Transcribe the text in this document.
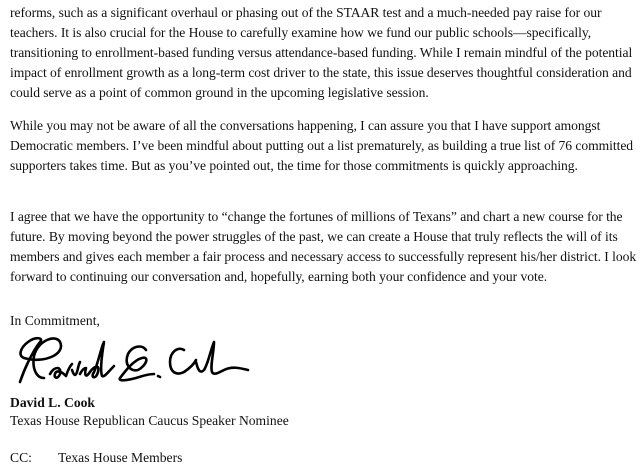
reforms, such as a significant overhaul or phasing out of the STAAR test and a much-needed pay raise for our teachers. It is also crucial for the House to carefully examine how we fund our public schools—specifically, transitioning to enrollment-based funding versus attendance-based funding. While I remain mindful of the potential impact of enrollment growth as a long-term cost driver to the state, this issue deserves thoughtful consideration and could serve as a point of common ground in the upcoming legislative session.

While you may not be aware of all the conversations happening, I can assure you that I have support amongst Democratic members. I’ve been mindful about putting out a list prematurely, as building a true list of 76 committed supporters takes time. But as you’ve pointed out, the time for those commitments is quickly approaching.

I agree that we have the opportunity to “change the fortunes of millions of Texans” and chart a new course for the future. By moving beyond the power struggles of the past, we can create a House that truly reflects the will of its members and gives each member a fair process and necessary access to successfully represent his/her district. I look forward to continuing our conversation and, hopefully, earning both your confidence and your vote.

In Commitment,
David L. Cook
Texas House Republican Caucus Speaker Nominee
CC: Texas House Members
